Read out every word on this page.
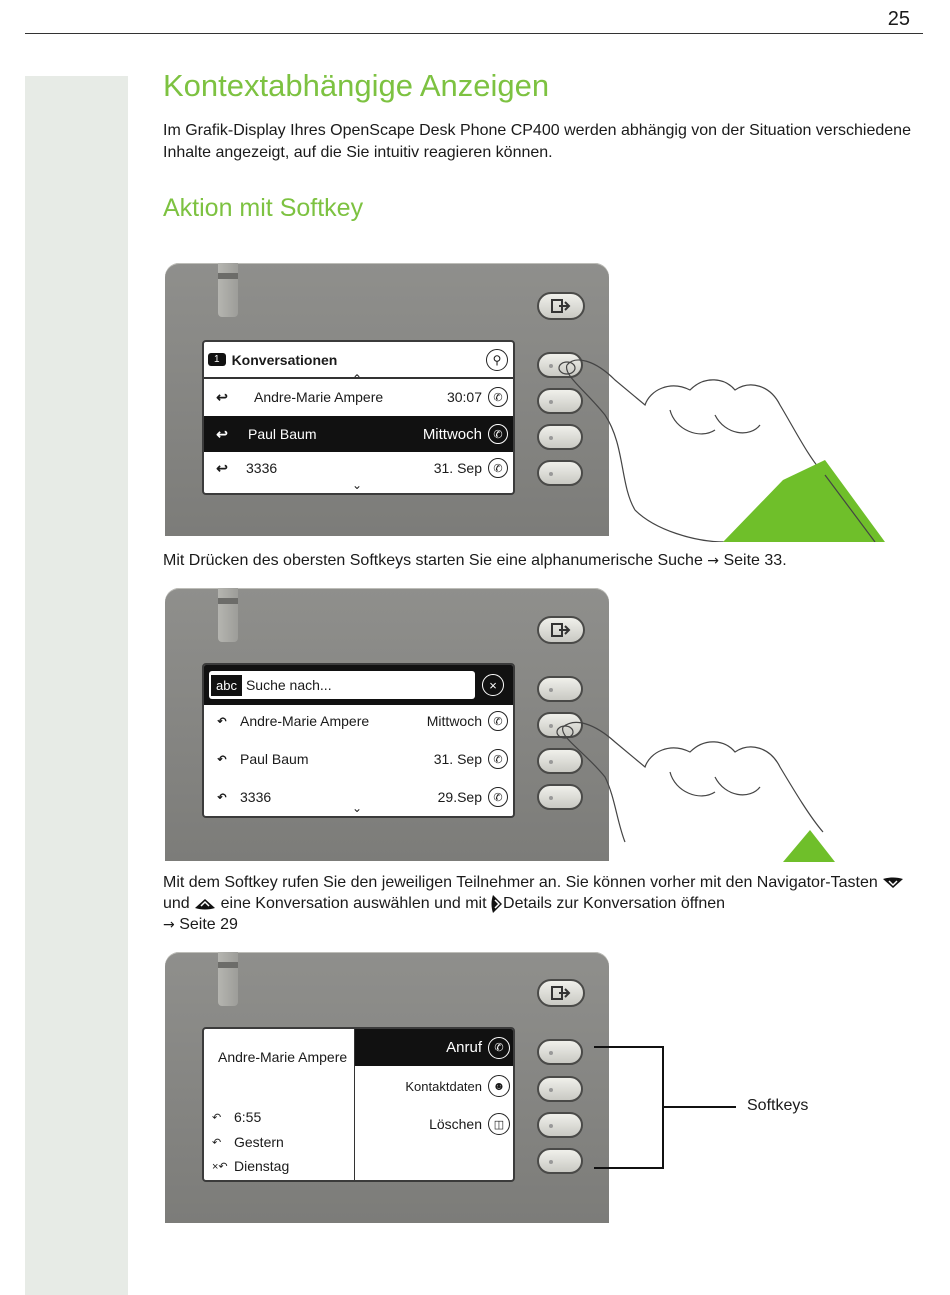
25
Kontextabhängige Anzeigen

Im Grafik-Display Ihres OpenScape Desk Phone CP400 werden abhängig von der Situation verschiedene Inhalte angezeigt, auf die Sie intuitiv reagieren können.

Aktion mit Softkey
1 Konversationen	⚲
⌃
↩	Andre-Marie Ampere	30:07	✆
↩	Paul Baum	Mittwoch	✆
↩	3336	31. Sep	✆
⌄

Mit Drücken des obersten Softkeys starten Sie eine alphanumerische Suche → Seite 33.

abc Suche nach...	×
↶ Andre-Marie Ampere	Mittwoch	✆
↶ Paul Baum	31. Sep	✆
↶ 3336	29.Sep	✆
⌄

Mit dem Softkey rufen Sie den jeweiligen Teilnehmer an. Sie können vorher mit den Navigator-Tasten  und eine Konversation auswählen und mit Details zur Konversation öffnen
→ Seite 29

Andre-Marie Ampere
↶ 6:55
↶ Gestern
×↶ Dienstag
Anruf	✆
Kontaktdaten ☻
Löschen	◫
Softkeys
